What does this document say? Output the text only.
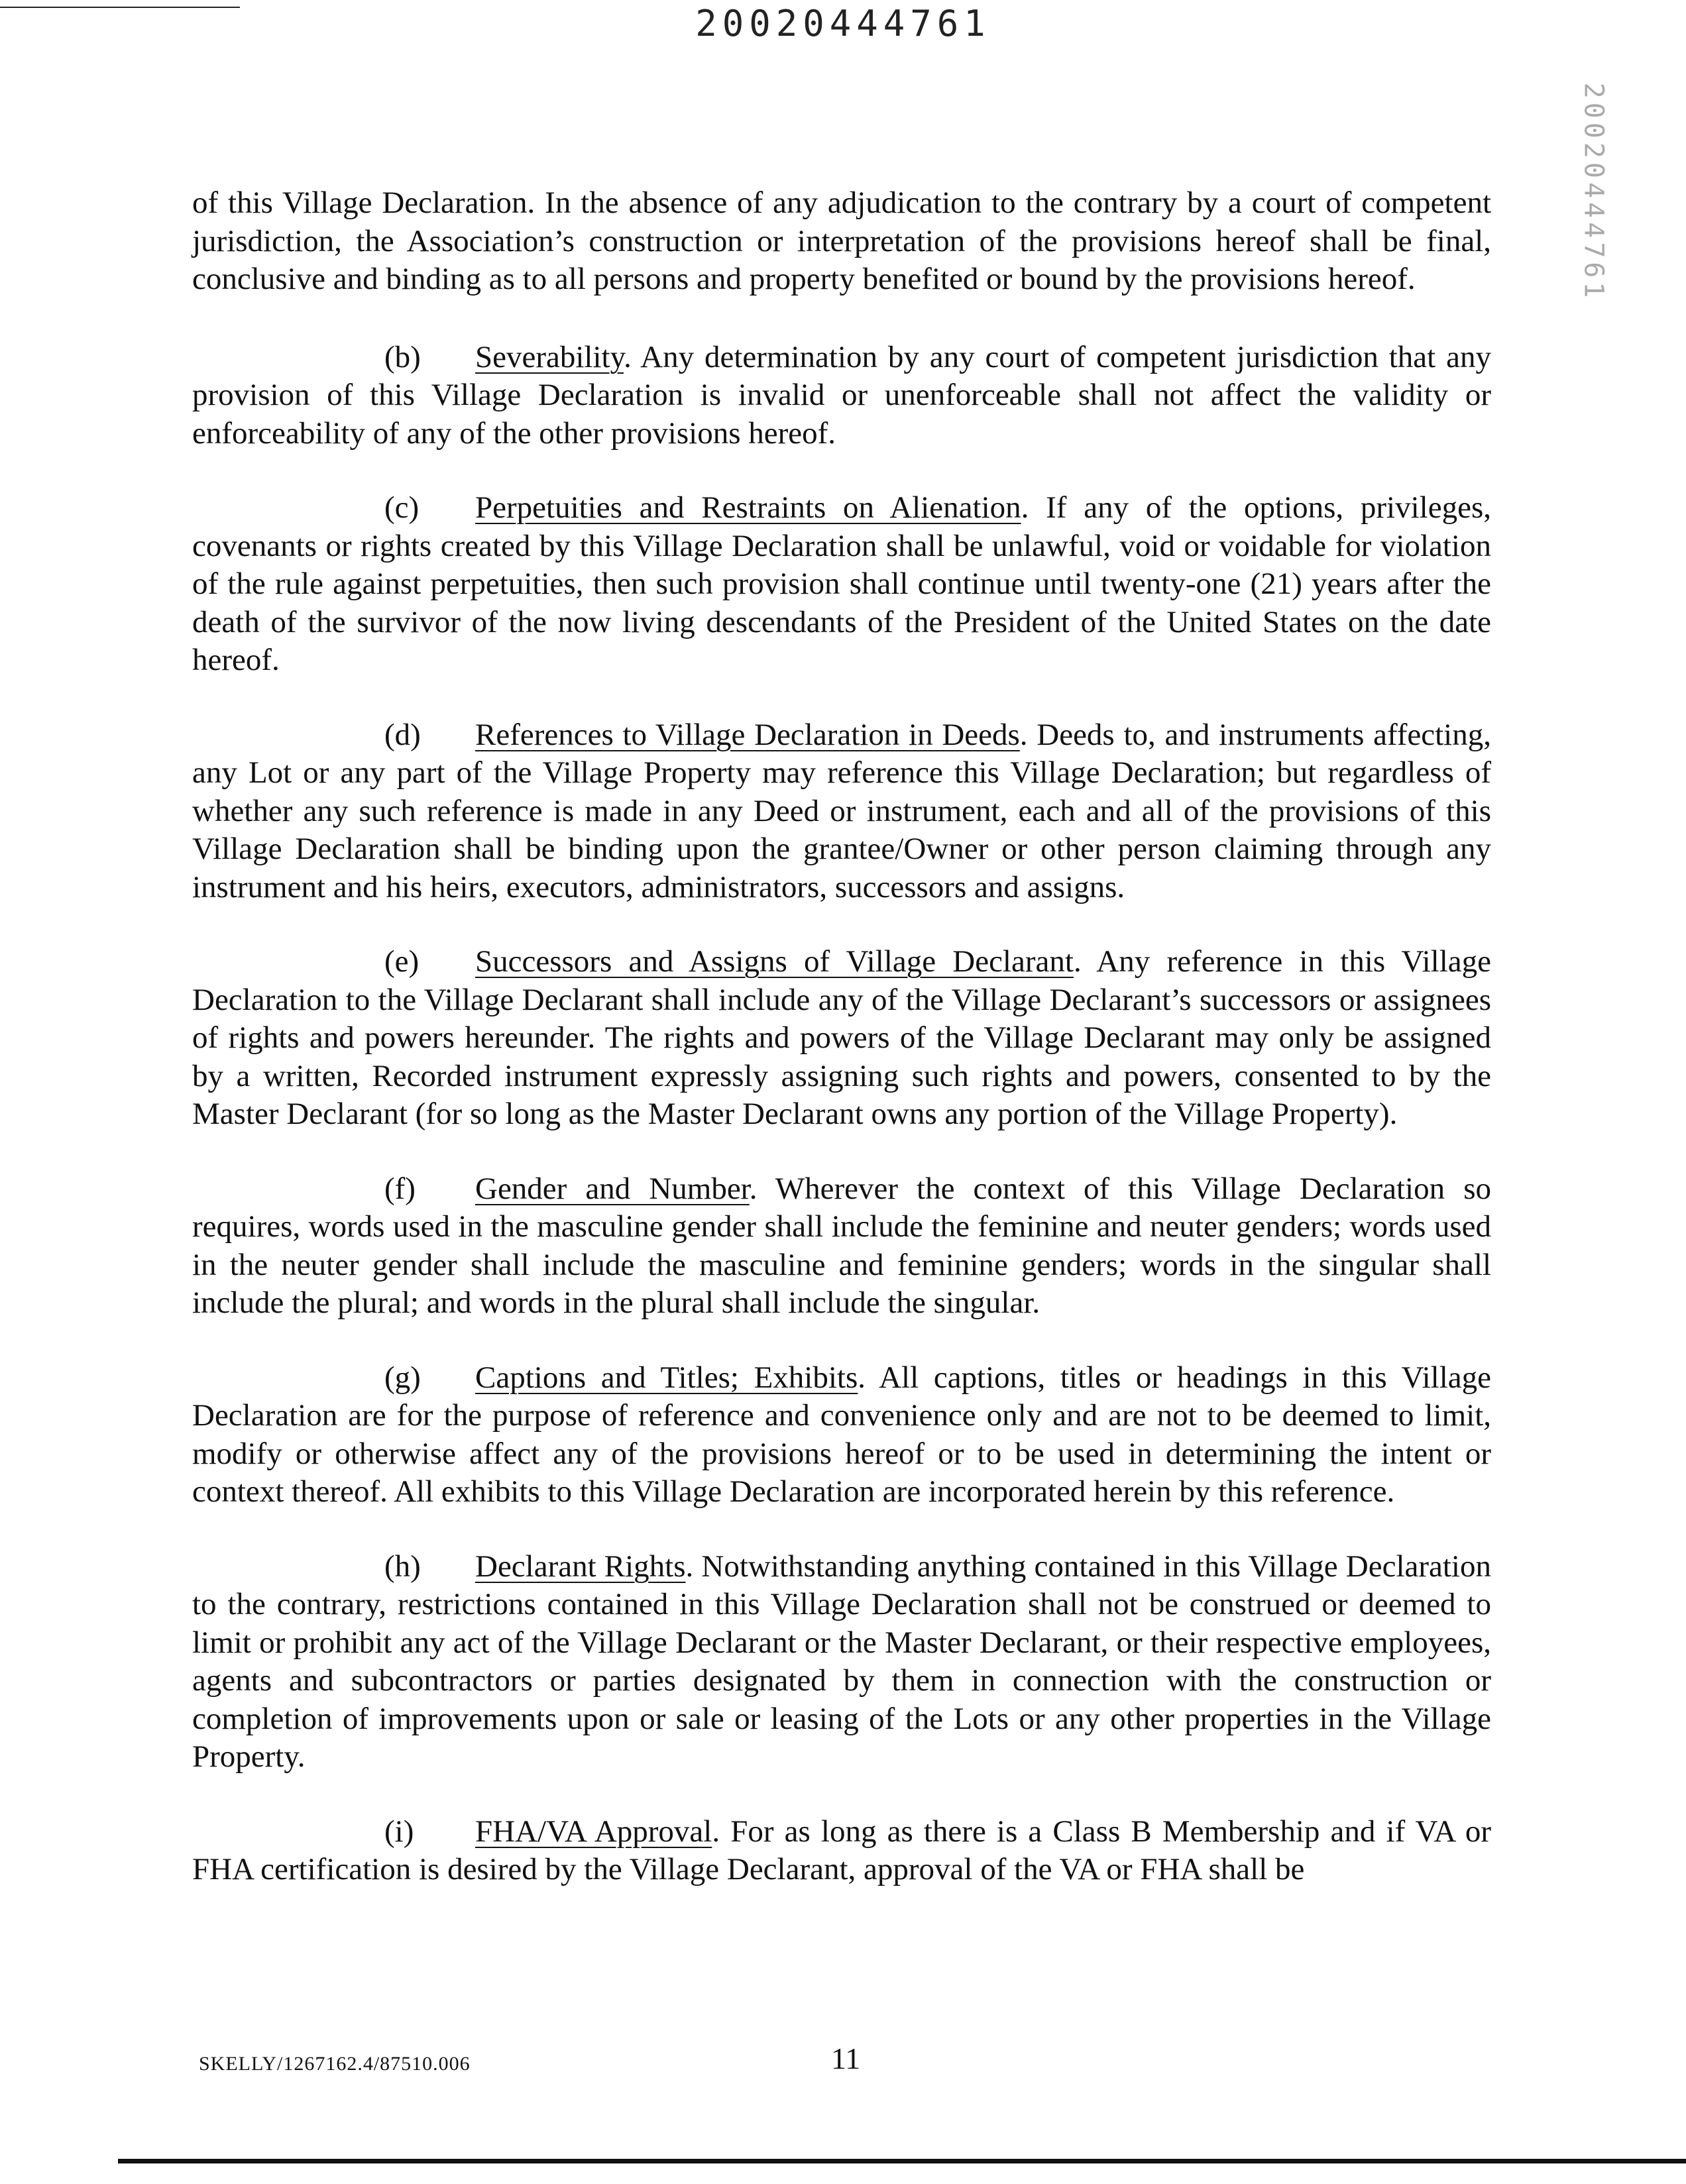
20020444761
20020444761

of this Village Declaration. In the absence of any adjudication to the contrary by a court of competent jurisdiction, the Association’s construction or interpretation of the provisions hereof shall be final, conclusive and binding as to all persons and property benefited or bound by the provisions hereof.

(b) Severability. Any determination by any court of competent jurisdiction that any provision of this Village Declaration is invalid or unenforceable shall not affect the validity or enforceability of any of the other provisions hereof.

(c) Perpetuities and Restraints on Alienation. If any of the options, privileges, covenants or rights created by this Village Declaration shall be unlawful, void or voidable for violation of the rule against perpetuities, then such provision shall continue until twenty-one (21) years after the death of the survivor of the now living descendants of the President of the United States on the date hereof.

(d) References to Village Declaration in Deeds. Deeds to, and instruments affecting, any Lot or any part of the Village Property may reference this Village Declaration; but regardless of whether any such reference is made in any Deed or instrument, each and all of the provisions of this Village Declaration shall be binding upon the grantee/Owner or other person claiming through any instrument and his heirs, executors, administrators, successors and assigns.

(e) Successors and Assigns of Village Declarant. Any reference in this Village Declaration to the Village Declarant shall include any of the Village Declarant’s successors or assignees of rights and powers hereunder. The rights and powers of the Village Declarant may only be assigned by a written, Recorded instrument expressly assigning such rights and powers, consented to by the Master Declarant (for so long as the Master Declarant owns any portion of the Village Property).

(f) Gender and Number. Wherever the context of this Village Declaration so requires, words used in the masculine gender shall include the feminine and neuter genders; words used in the neuter gender shall include the masculine and feminine genders; words in the singular shall include the plural; and words in the plural shall include the singular.

(g) Captions and Titles; Exhibits. All captions, titles or headings in this Village Declaration are for the purpose of reference and convenience only and are not to be deemed to limit, modify or otherwise affect any of the provisions hereof or to be used in determining the intent or context thereof. All exhibits to this Village Declaration are incorporated herein by this reference.

(h) Declarant Rights. Notwithstanding anything contained in this Village Declaration to the contrary, restrictions contained in this Village Declaration shall not be construed or deemed to limit or prohibit any act of the Village Declarant or the Master Declarant, or their respective employees, agents and subcontractors or parties designated by them in connection with the construction or completion of improvements upon or sale or leasing of the Lots or any other properties in the Village Property.

(i) FHA/VA Approval. For as long as there is a Class B Membership and if VA or FHA certification is desired by the Village Declarant, approval of the VA or FHA shall be

SKELLY/1267162.4/87510.006	11
